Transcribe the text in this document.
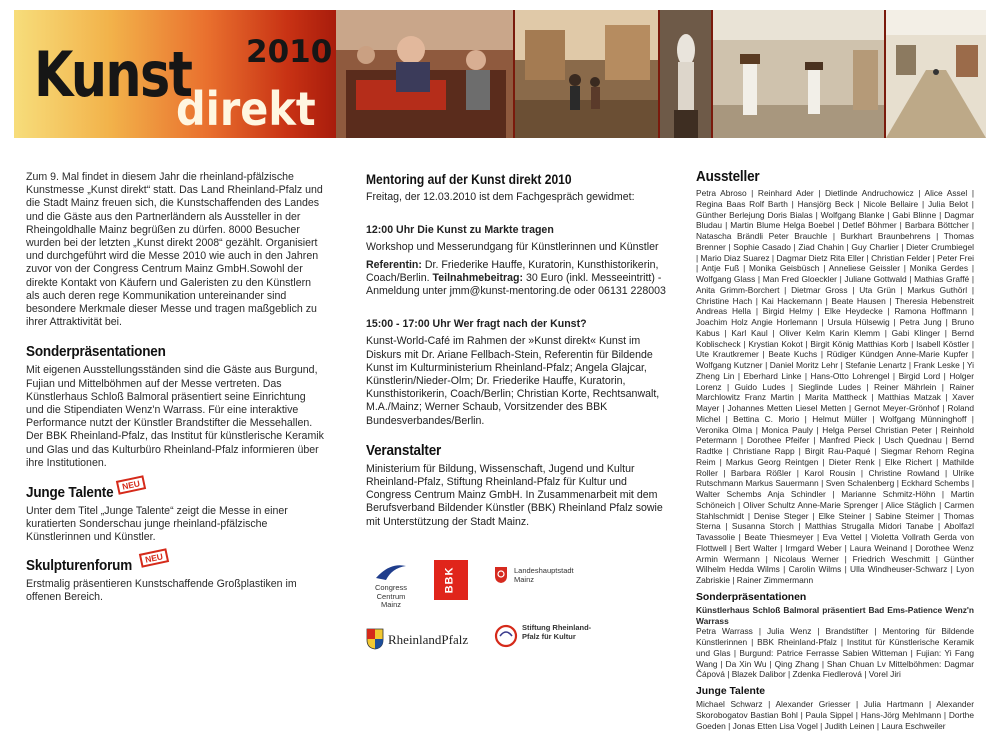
Kunst 2010
direkt

Zum 9. Mal findet in diesem Jahr die rheinland-pfälzische Kunstmesse „Kunst direkt“ statt. Das Land Rheinland-Pfalz und die Stadt Mainz freuen sich, die Kunstschaffenden des Landes und die Gäste aus den Partnerländern als Aussteller in der Rheingoldhalle Mainz begrüßen zu dürfen. 8000 Besucher wurden bei der letzten „Kunst direkt 2008“ gezählt. Organisiert und durchgeführt wird die Messe 2010 wie auch in den Jahren zuvor von der Congress Centrum Mainz GmbH.Sowohl der direkte Kontakt von Käufern und Galeristen zu den Künstlern als auch deren rege Kommunikation untereinander sind besondere Merkmale dieser Messe und tragen maßgeblich zu ihrer Attraktivität bei.

Sonderpräsentationen

Mit eigenen Ausstellungsständen sind die Gäste aus Burgund, Fujian und Mittelböhmen auf der Messe vertreten. Das Künstlerhaus Schloß Balmoral präsentiert seine Einrichtung und die Stipendiaten Wenz'n Warrass. Für eine interaktive Performance nutzt der Künstler Brandstifter die Messehallen. Der BBK Rheinland-Pfalz, das Institut für künstlerische Keramik und Glas und das Kulturbüro Rheinland-Pfalz informieren über ihre Institutionen.

Junge Talente NEU

Unter dem Titel „Junge Talente“ zeigt die Messe in einer kuratierten Sonderschau junge rheinland-pfälzische Künstlerinnen und Künstler.

Skulpturenforum	NEU

Erstmalig präsentieren Kunstschaffende Großplastiken im offenen Bereich.

Mentoring auf der Kunst direkt 2010

Freitag, der 12.03.2010 ist dem Fachgespräch gewidmet:

12:00 Uhr Die Kunst zu Markte tragen

Workshop und Messerundgang für Künstlerinnen und Künstler

Referentin: Dr. Friederike Hauffe, Kuratorin, Kunsthistorikerin, Coach/Berlin. Teilnahmebeitrag: 30 Euro (inkl. Messeeintritt) - Anmeldung unter jmm@kunst-mentoring.de oder 06131 228003

15:00 - 17:00 Uhr Wer fragt nach der Kunst?

Kunst-World-Café im Rahmen der »Kunst direkt« Kunst im Diskurs mit Dr. Ariane Fellbach-Stein, Referentin für Bildende Kunst im Kulturministerium Rheinland-Pfalz; Angela Glajcar, Künstlerin/Nieder-Olm; Dr. Friederike Hauffe, Kuratorin, Kunsthistorikerin, Coach/Berlin; Christian Korte, Rechtsanwalt, M.A./Mainz; Werner Schaub, Vorsitzender des BBK Bundesverbandes/Berlin.

Veranstalter

Ministerium für Bildung, Wissenschaft, Jugend und Kultur Rheinland-Pfalz, Stiftung Rheinland-Pfalz für Kultur und Congress Centrum Mainz GmbH. In Zusammenarbeit mit dem Berufsverband Bildender Künstler (BBK) Rheinland Pfalz sowie mit Unterstützung der Stadt Mainz.

Congress Centrum Mainz
BBK	Landeshauptstadt Mainz
RheinlandPfalz
Stiftung Rheinland-Pfalz für Kultur
Aussteller

Petra Abroso | Reinhard Ader | Dietlinde Andruchowicz | Alice Assel | Regina Baas Rolf Barth | Hansjörg Beck | Nicole Bellaire | Julia Belot | Günther Berlejung Doris Bialas | Wolfgang Blanke | Gabi Blinne | Dagmar Bludau | Martin Blume Helga Boebel | Detlef Böhmer | Barbara Böttcher | Natascha Brändli Peter Brauchle | Burkhart Braunbehrens | Thomas Brenner | Sophie Casado | Ziad Chahin | Guy Charlier | Dieter Crumbiegel | Mario Diaz Suarez | Dagmar Dietz Rita Eller | Christian Felder | Peter Frei | Antje Fuß | Monika Geisbüsch | Anneliese Geissler | Monika Gerdes | Wolfgang Glass | Man Fred Gloeckler | Juliane Gottwald | Mathias Graffé | Anita Grimm-Borchert | Dietmar Gross | Uta Grün | Markus Guthörl | Christine Hach | Kai Hackemann | Beate Hausen | Theresia Hebenstreit Andreas Hella | Birgid Helmy | Elke Heydecke | Ramona Hoffmann | Joachim Holz Angie Horlemann | Ursula Hülsewig | Petra Jung | Bruno Kabus | Karl Kaul | Oliver Kelm Karin Klemm | Gabi Klinger | Bernd Koblischeck | Krystian Kokot | Birgit König Matthias Korb | Isabell Köstler | Ute Krautkremer | Beate Kuchs | Rüdiger Kündgen Anne-Marie Kupfer | Wolfgang Kutzner | Daniel Moritz Lehr | Stefanie Lenartz | Frank Leske | Yi Zheng Lin | Eberhard Linke | Hans-Otto Lohrengel | Birgid Lord | Holger Lorenz | Guido Ludes | Sieglinde Ludes | Reiner Mährlein | Rainer Marchlowitz Franz Martin | Marita Mattheck | Matthias Matzak | Xaver Mayer | Johannes Metten Liesel Metten | Gernot Meyer-Grönhof | Roland Michel | Bettina C. Morio | Helmut Müller | Wolfgang Münninghoff | Veronika Olma | Monica Pauly | Helga Persel Christian Peter | Reinhold Petermann | Dorothee Pfeifer | Manfred Pieck | Usch Quednau | Bernd Radtke | Christiane Rapp | Birgit Rau-Paqué | Siegmar Rehorn Regina Reim | Markus Georg Reintgen | Dieter Renk | Elke Richert | Mathilde Roller | Barbara Rößler | Karol Rousin | Christine Rowland | Ulrike Rutschmann Markus Sauermann | Sven Schalenberg | Eckhard Schembs | Walter Schembs Anja Schindler | Marianne Schmitz-Höhn | Martin Schöneich | Oliver Schultz Anne-Marie Sprenger | Alice Stäglich | Carmen Stahlschmidt | Denise Steger | Elke Steiner | Sabine Steimer | Thomas Sterna | Susanna Storch | Matthias Strugalla Midori Tanabe | Abolfazl Tavassolie | Beate Thiesmeyer | Eva Vettel | Violetta Vollrath Gerda von Flottwell | Bert Walter | Irmgard Weber | Laura Weinand | Dorothee Wenz Armin Wermann | Nicolaus Werner | Friedrich Weschmitt | Günther Wilhelm Hedda Wilms | Carolin Wilms | Ulla Windheuser-Schwarz | Lyon Zabriskie | Rainer Zimmermann

Sonderpräsentationen

Künstlerhaus Schloß Balmoral präsentiert Bad Ems-Patience Wenz'n Warrass

Petra Warrass | Julia Wenz | Brandstifter | Mentoring für Bildende Künstlerinnen | BBK Rheinland-Pfalz | Institut für Künstlerische Keramik und Glas | Burgund: Patrice Ferrasse Sabien Witteman | Fujian: Yi Fang Wang | Da Xin Wu | Qing Zhang | Shan Chuan Lv Mittelböhmen: Dagmar Čápová | Blazek Dalibor | Zdenka Fiedlerová | Vorel Jiri

Junge Talente

Michael Schwarz | Alexander Griesser | Julia Hartmann | Alexander Skorobogatov Bastian Bohl | Paula Sippel | Hans-Jörg Mehlmann | Dorthe Goeden | Jonas Etten Lisa Vogel | Judith Leinen | Laura Eschweiler
